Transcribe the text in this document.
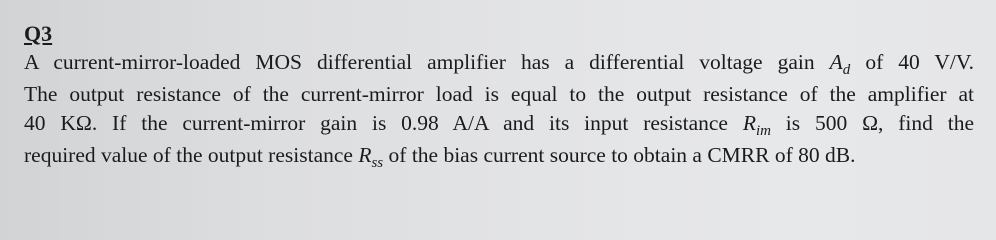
Q3
A current-mirror-loaded MOS differential amplifier has a differential voltage gain $A_d$ of 40 V/V.
The output resistance of the current-mirror load is equal to the output resistance of the amplifier at
40 KΩ. If the current-mirror gain is 0.98 A/A and its input resistance $R_{im}$ is 500 Ω, find the
required value of the output resistance $R_{ss}$ of the bias current source to obtain a CMRR of 80 dB.
